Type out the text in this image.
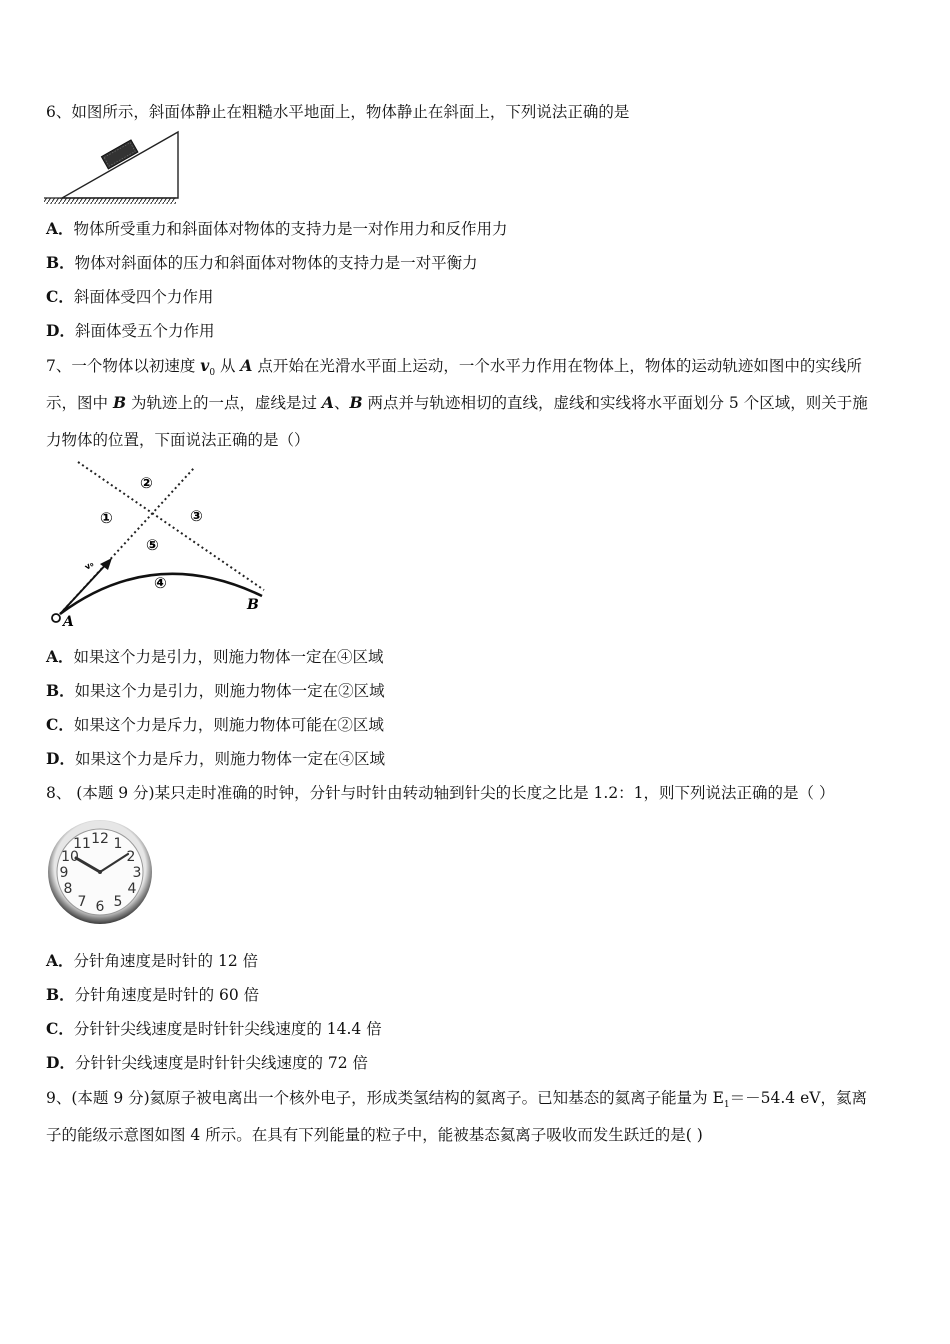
6、如图所示，斜面体静止在粗糙水平地面上，物体静止在斜面上，下列说法正确的是
A．物体所受重力和斜面体对物体的支持力是一对作用力和反作用力
B．物体对斜面体的压力和斜面体对物体的支持力是一对平衡力
C．斜面体受四个力作用
D．斜面体受五个力作用
7、一个物体以初速度 $v_0$ 从 A 点开始在光滑水平面上运动，一个水平力作用在物体上，物体的运动轨迹如图中的实线所
示，图中 B 为轨迹上的一点，虚线是过 A、B 两点并与轨迹相切的直线，虚线和实线将水平面划分 5 个区域，则关于施
力物体的位置，下面说法正确的是（）
v₀
A
B
①
②
③
⑤
④
A．如果这个力是引力，则施力物体一定在④区域
B．如果这个力是引力，则施力物体一定在②区域
C．如果这个力是斥力，则施力物体可能在②区域
D．如果这个力是斥力，则施力物体一定在④区域
8、 (本题 9 分)某只走时准确的时钟，分针与时针由转动轴到针尖的长度之比是 1.2：1，则下列说法正确的是（ ）
12 1
2
3
4
5
6
7
8
9
10
11
A．分针角速度是时针的 12 倍
B．分针角速度是时针的 60 倍
C．分针针尖线速度是时针针尖线速度的 14.4 倍
D．分针针尖线速度是时针针尖线速度的 72 倍
9、(本题 9 分)氦原子被电离出一个核外电子，形成类氢结构的氦离子。已知基态的氦离子能量为 $E_1=-54.4$ eV，氦离
子的能级示意图如图 4 所示。在具有下列能量的粒子中，能被基态氦离子吸收而发生跃迁的是( )
